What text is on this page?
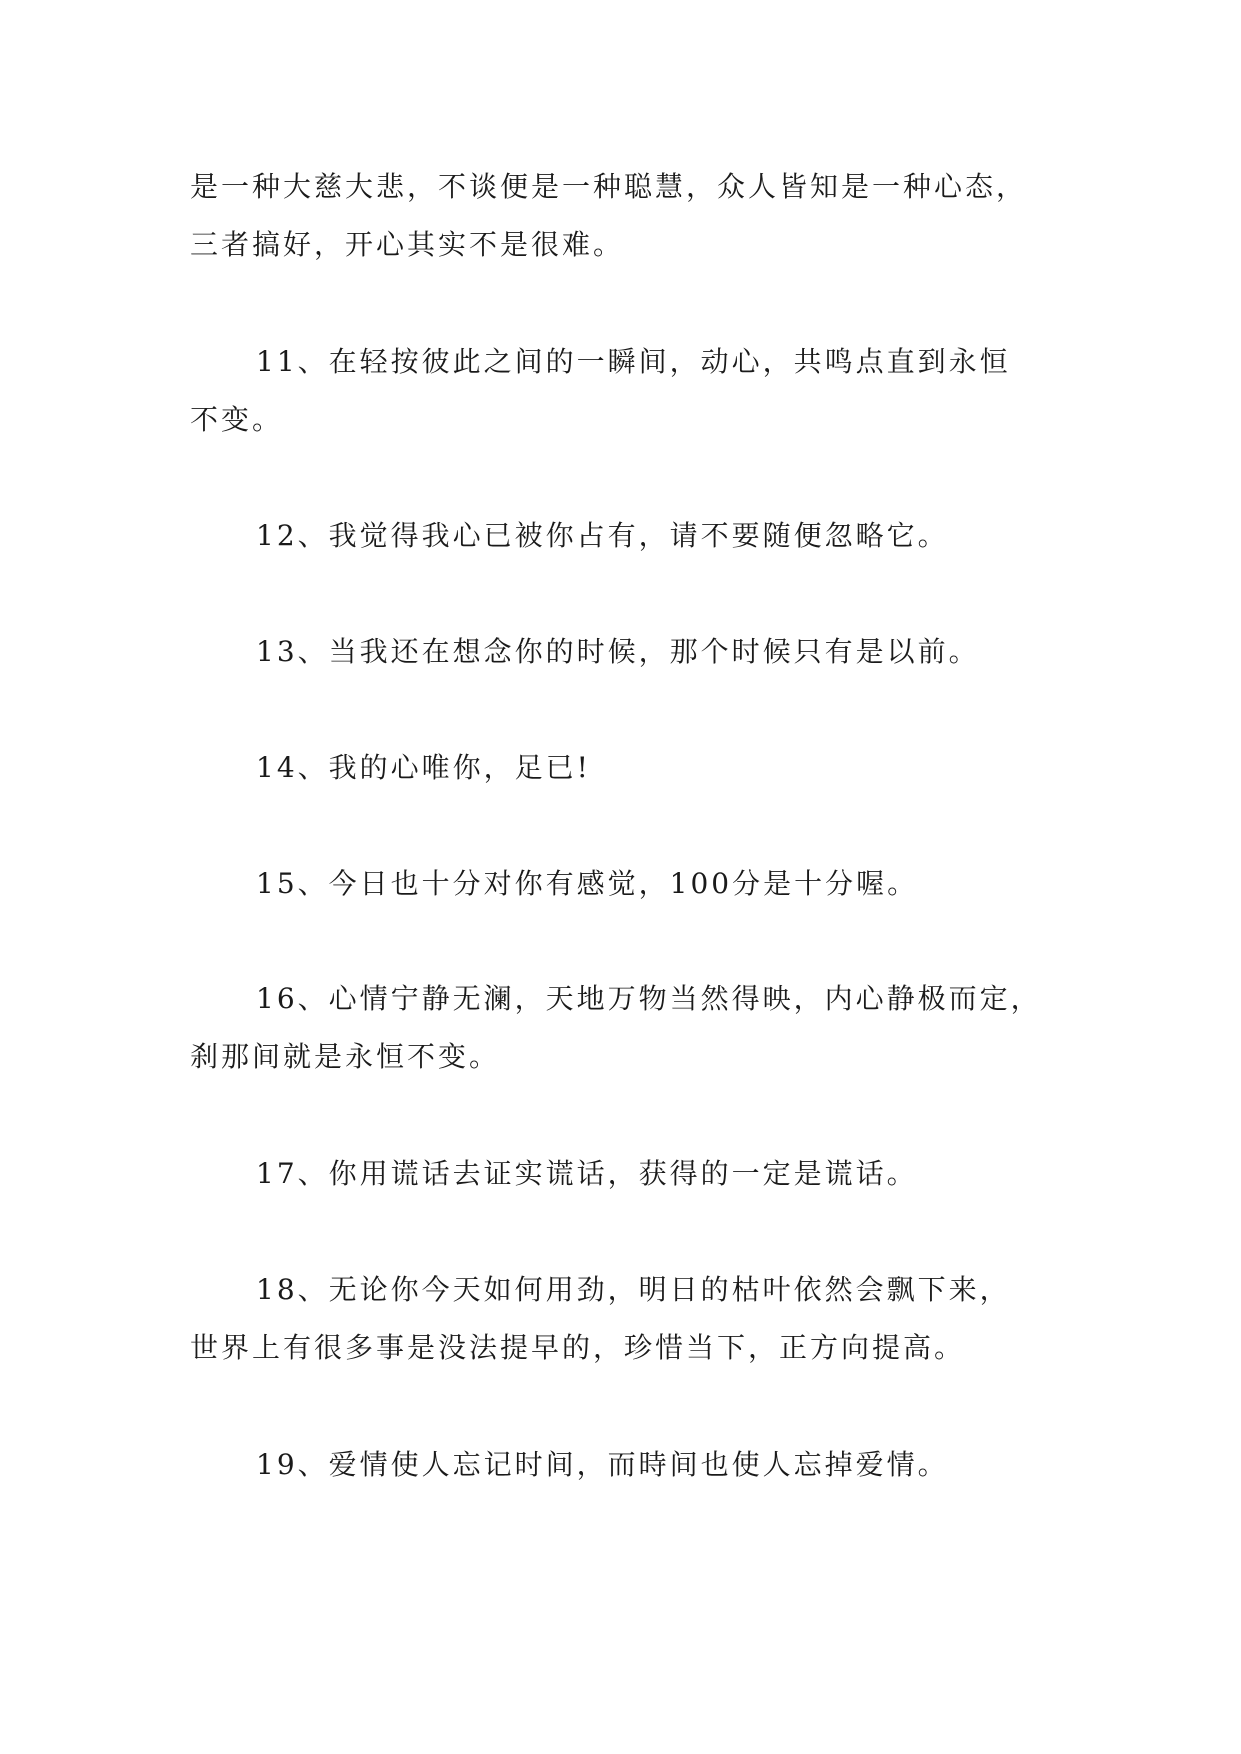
是一种大慈大悲，不谈便是一种聪慧，众人皆知是一种心态，
三者搞好，开心其实不是很难。

11、在轻按彼此之间的一瞬间，动心，共鸣点直到永恒
不变。

12、我觉得我心已被你占有，请不要随便忽略它。

13、当我还在想念你的时候，那个时候只有是以前。

14、我的心唯你，足已!

15、今日也十分对你有感觉，100分是十分喔。

16、心情宁静无澜，天地万物当然得映，内心静极而定，
刹那间就是永恒不变。

17、你用谎话去证实谎话，获得的一定是谎话。

18、无论你今天如何用劲，明日的枯叶依然会飘下来，
世界上有很多事是没法提早的，珍惜当下，正方向提高。

19、爱情使人忘记时间，而時间也使人忘掉爱情。
